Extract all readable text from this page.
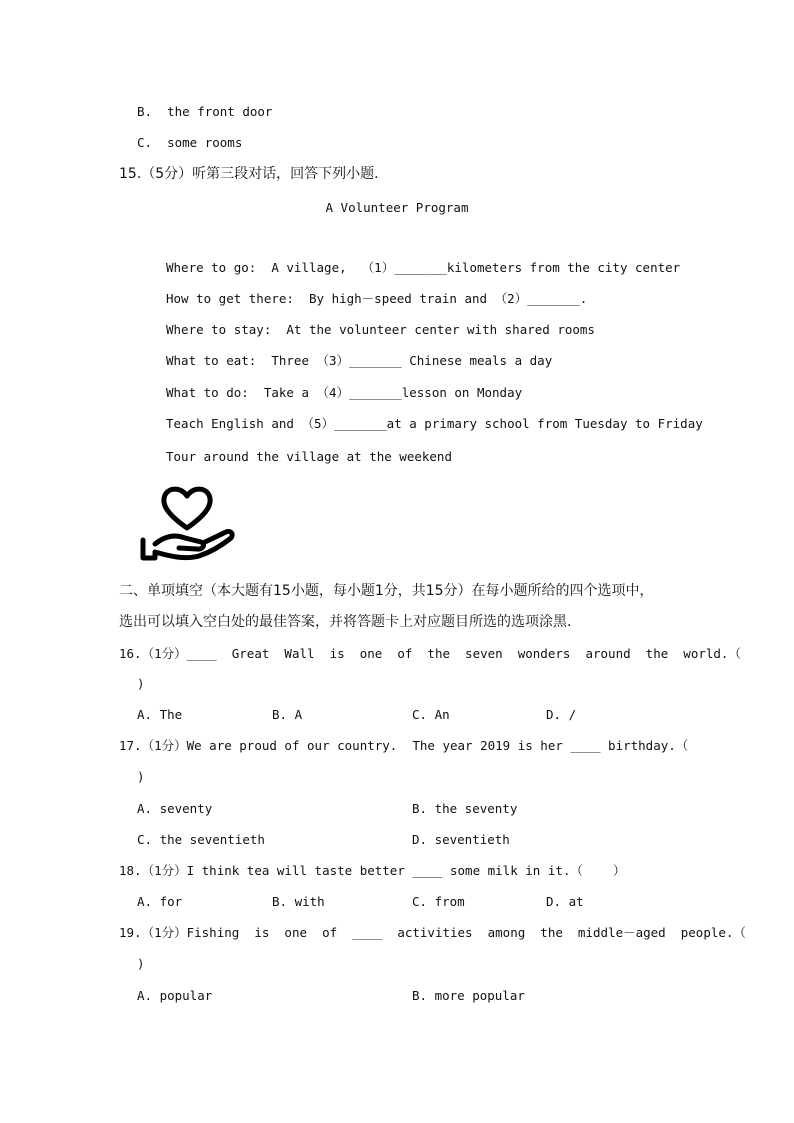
B.  the front door
C.  some rooms
15.（5分）听第三段对话，回答下列小题．
A Volunteer Program
Where to go:  A village,  （1）_______kilometers from the city center
How to get there:  By high－speed train and （2）_______.
Where to stay:  At the volunteer center with shared rooms
What to eat:  Three （3）_______ Chinese meals a day
What to do:  Take a （4）_______lesson on Monday
Teach English and （5）_______at a primary school from Tuesday to Friday
Tour around the village at the weekend
二、单项填空（本大题有15小题，每小题1分，共15分）在每小题所给的四个选项中，
选出可以填入空白处的最佳答案，并将答题卡上对应题目所选的选项涂黑．
16.（1分）____  Great  Wall  is  one  of  the  seven  wonders  around  the  world.（
)
A. The	B. A	C. An	D. /
17.（1分）We are proud of our country.  The year 2019 is her ____ birthday.（
)
A. seventy	B. the seventy
C. the seventieth	D. seventieth
18.（1分）I think tea will taste better ____ some milk in it.（    ）
A. for	B. with	C. from	D. at
19.（1分）Fishing  is  one  of  ____  activities  among  the  middle－aged  people.（
)
A. popular	B. more popular
